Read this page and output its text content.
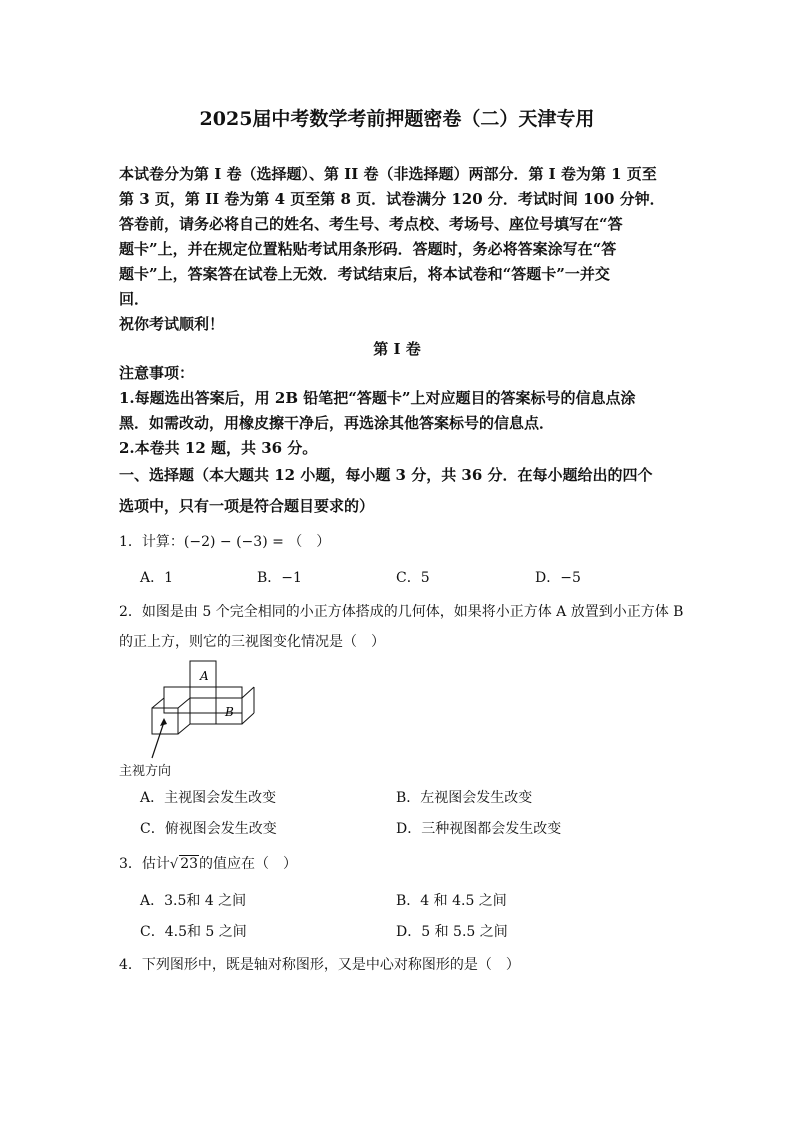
2025届中考数学考前押题密卷（二）天津专用
本试卷分为第 I 卷（选择题）、第 II 卷（非选择题）两部分．第 I 卷为第 1 页至
第 3 页，第 II 卷为第 4 页至第 8 页．试卷满分 120 分．考试时间 100 分钟．
答卷前，请务必将自己的姓名、考生号、考点校、考场号、座位号填写在“答
题卡”上，并在规定位置粘贴考试用条形码．答题时，务必将答案涂写在“答
题卡”上，答案答在试卷上无效．考试结束后，将本试卷和“答题卡”一并交
回．
祝你考试顺利！
第 I 卷
注意事项：
1.每题选出答案后，用 2B 铅笔把“答题卡”上对应题目的答案标号的信息点涂
黑．如需改动，用橡皮擦干净后，再选涂其他答案标号的信息点．
2.本卷共 12 题，共 36 分。
一、选择题（本大题共 12 小题，每小题 3 分，共 36 分．在每小题给出的四个
选项中，只有一项是符合题目要求的）
1．计算：(−2) − (−3) = （　）
A．1	B．−1	C．5	D．−5
2．如图是由 5 个完全相同的小正方体搭成的几何体，如果将小正方体 A 放置到小正方体 B
的正上方，则它的三视图变化情况是（　）
A
B
主视方向
A．主视图会发生改变	B．左视图会发生改变
C．俯视图会发生改变	D．三种视图都会发生改变
3．估计√ 23的值应在（　）
A．3.5和 4 之间	B．4 和 4.5 之间
C．4.5和 5 之间	D．5 和 5.5 之间
4．下列图形中，既是轴对称图形，又是中心对称图形的是（　）
